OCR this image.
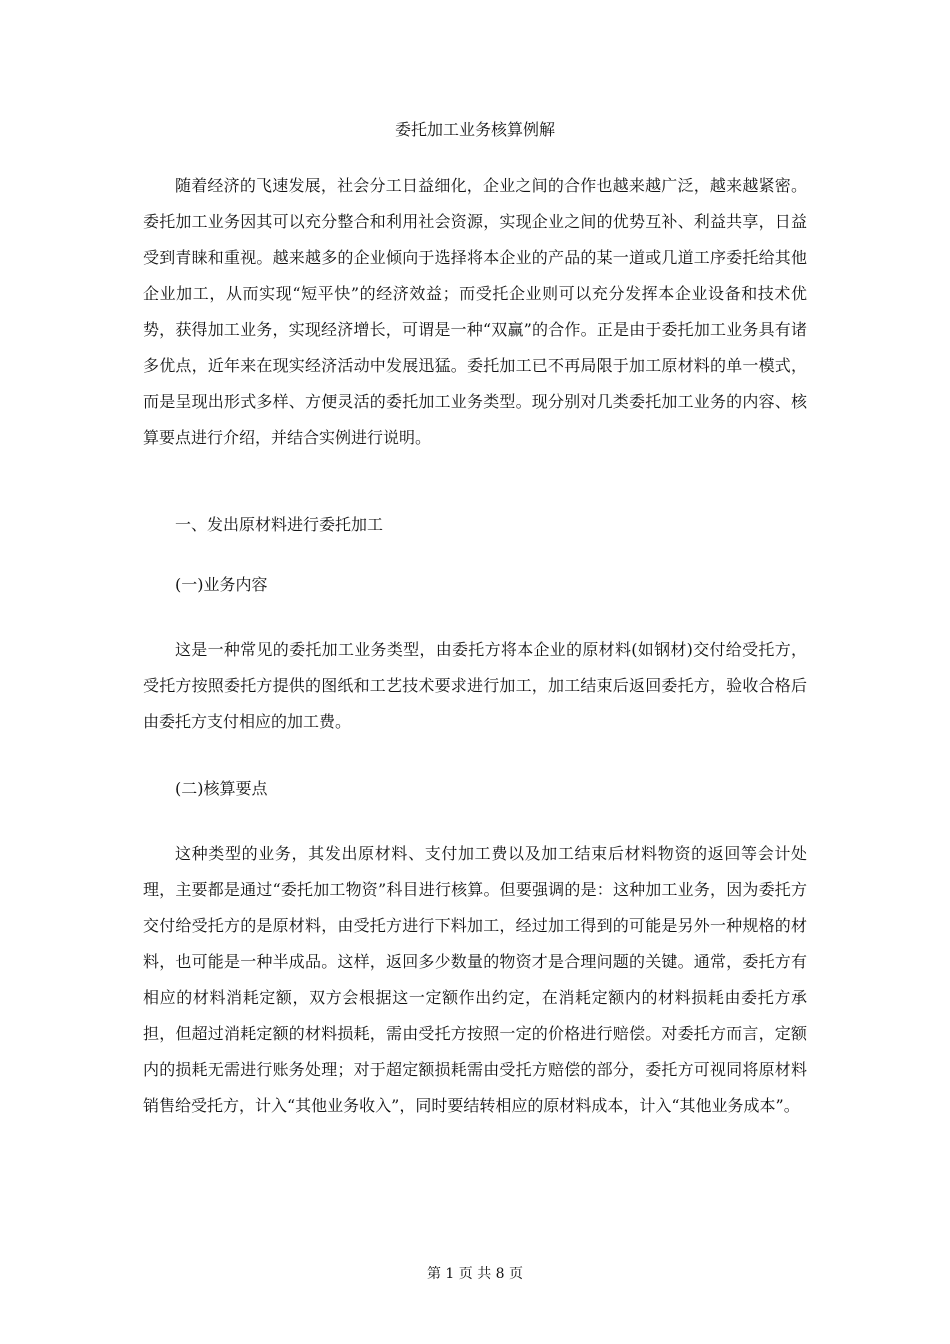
委托加工业务核算例解
随着经济的飞速发展，社会分工日益细化，企业之间的合作也越来越广泛，越来越紧密。委托加工业务因其可以充分整合和利用社会资源，实现企业之间的优势互补、利益共享，日益受到青睐和重视。越来越多的企业倾向于选择将本企业的产品的某一道或几道工序委托给其他企业加工，从而实现“短平快”的经济效益；而受托企业则可以充分发挥本企业设备和技术优势，获得加工业务，实现经济增长，可谓是一种“双赢”的合作。正是由于委托加工业务具有诸多优点，近年来在现实经济活动中发展迅猛。委托加工已不再局限于加工原材料的单一模式，而是呈现出形式多样、方便灵活的委托加工业务类型。现分别对几类委托加工业务的内容、核算要点进行介绍，并结合实例进行说明。
一、发出原材料进行委托加工
(一)业务内容
这是一种常见的委托加工业务类型，由委托方将本企业的原材料(如钢材)交付给受托方，受托方按照委托方提供的图纸和工艺技术要求进行加工，加工结束后返回委托方，验收合格后由委托方支付相应的加工费。
(二)核算要点
这种类型的业务，其发出原材料、支付加工费以及加工结束后材料物资的返回等会计处理，主要都是通过“委托加工物资”科目进行核算。但要强调的是：这种加工业务，因为委托方交付给受托方的是原材料，由受托方进行下料加工，经过加工得到的可能是另外一种规格的材料，也可能是一种半成品。这样，返回多少数量的物资才是合理问题的关键。通常，委托方有相应的材料消耗定额，双方会根据这一定额作出约定，在消耗定额内的材料损耗由委托方承担，但超过消耗定额的材料损耗，需由受托方按照一定的价格进行赔偿。对委托方而言，定额内的损耗无需进行账务处理；对于超定额损耗需由受托方赔偿的部分，委托方可视同将原材料销售给受托方，计入“其他业务收入”，同时要结转相应的原材料成本，计入“其他业务成本”。
第 1 页 共 8 页
